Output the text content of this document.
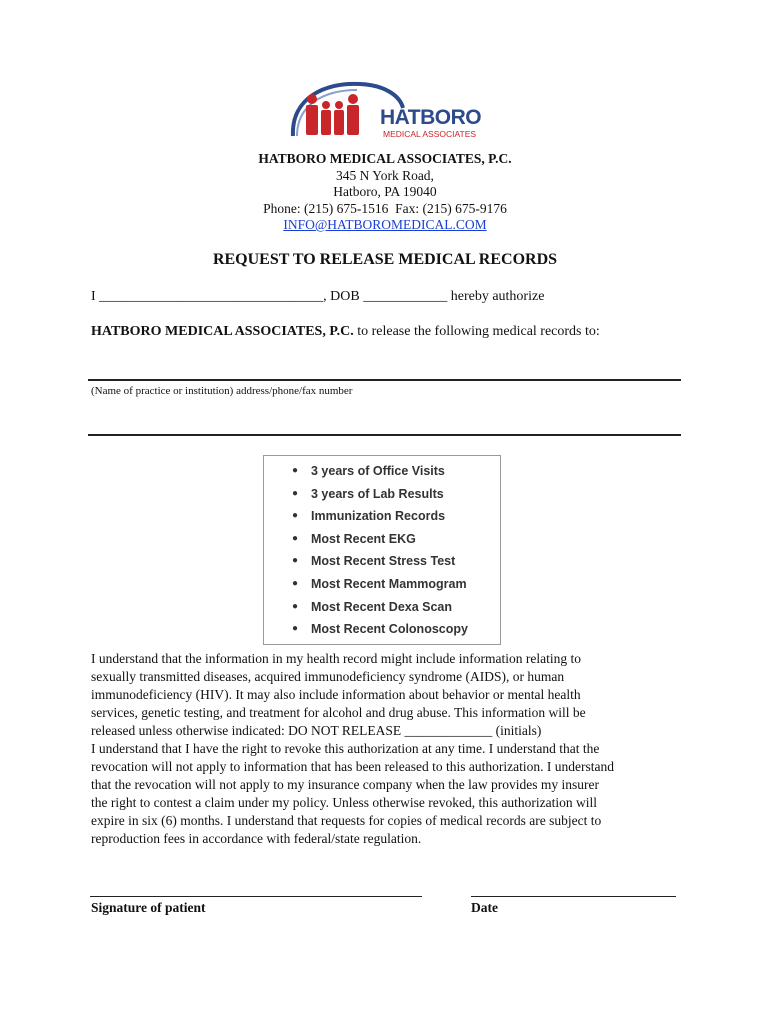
HATBORO
MEDICAL ASSOCIATES
HATBORO MEDICAL ASSOCIATES, P.C.
345 N York Road,
Hatboro, PA 19040
Phone: (215) 675-1516  Fax: (215) 675-9176
INFO@HATBOROMEDICAL.COM
REQUEST TO RELEASE MEDICAL RECORDS
I ________________________________, DOB ____________ hereby authorize
HATBORO MEDICAL ASSOCIATES, P.C. to release the following medical records to:
(Name of practice or institution) address/phone/fax number
● 3 years of Office Visits
● 3 years of Lab Results
● Immunization Records
● Most Recent EKG
● Most Recent Stress Test
● Most Recent Mammogram
● Most Recent Dexa Scan
● Most Recent Colonoscopy
I understand that the information in my health record might include information relating to
sexually transmitted diseases, acquired immunodeficiency syndrome (AIDS), or human
immunodeficiency (HIV). It may also include information about behavior or mental health
services, genetic testing, and treatment for alcohol and drug abuse. This information will be
released unless otherwise indicated: DO NOT RELEASE _____________ (initials)
I understand that I have the right to revoke this authorization at any time. I understand that the
revocation will not apply to information that has been released to this authorization. I understand
that the revocation will not apply to my insurance company when the law provides my insurer
the right to contest a claim under my policy. Unless otherwise revoked, this authorization will
expire in six (6) months. I understand that requests for copies of medical records are subject to
reproduction fees in accordance with federal/state regulation.
Signature of patient	Date
